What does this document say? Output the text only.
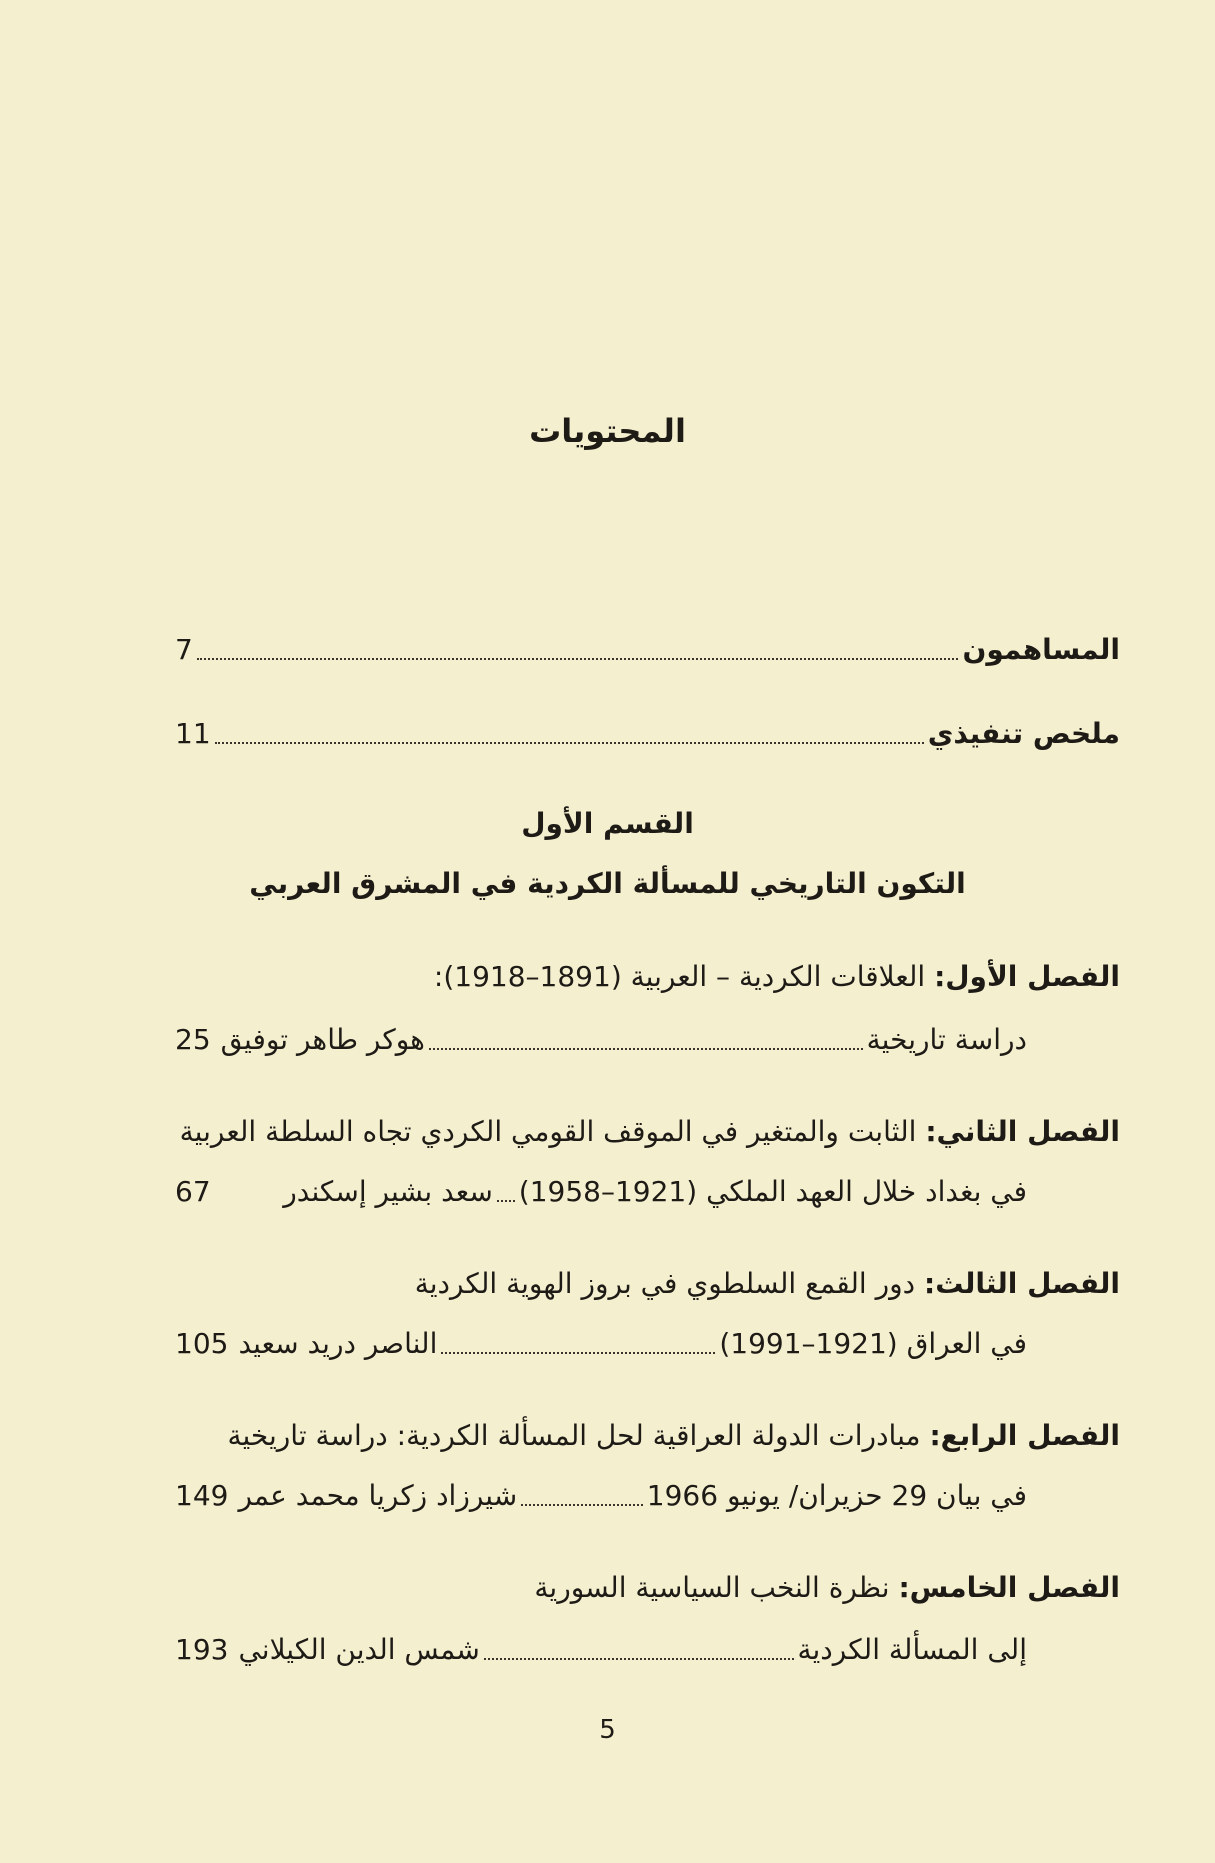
المحتويات
المساهمون
7
ملخص تنفيذي
11
القسم الأول
التكون التاريخي للمسألة الكردية في المشرق العربي
الفصل الأول: العلاقات الكردية – العربية (1891–1918):
دراسة تاريخية
هوكر طاهر توفيق
25
الفصل الثاني: الثابت والمتغير في الموقف القومي الكردي تجاه السلطة العربية
في بغداد خلال العهد الملكي (1921–1958)
سعد بشير إسكندر
67
الفصل الثالث: دور القمع السلطوي في بروز الهوية الكردية
في العراق (1921–1991)
الناصر دريد سعيد
105
الفصل الرابع: مبادرات الدولة العراقية لحل المسألة الكردية: دراسة تاريخية
في بيان 29 حزيران/ يونيو 1966
شيرزاد زكريا محمد عمر
149
الفصل الخامس: نظرة النخب السياسية السورية
إلى المسألة الكردية
شمس الدين الكيلاني
193
5
